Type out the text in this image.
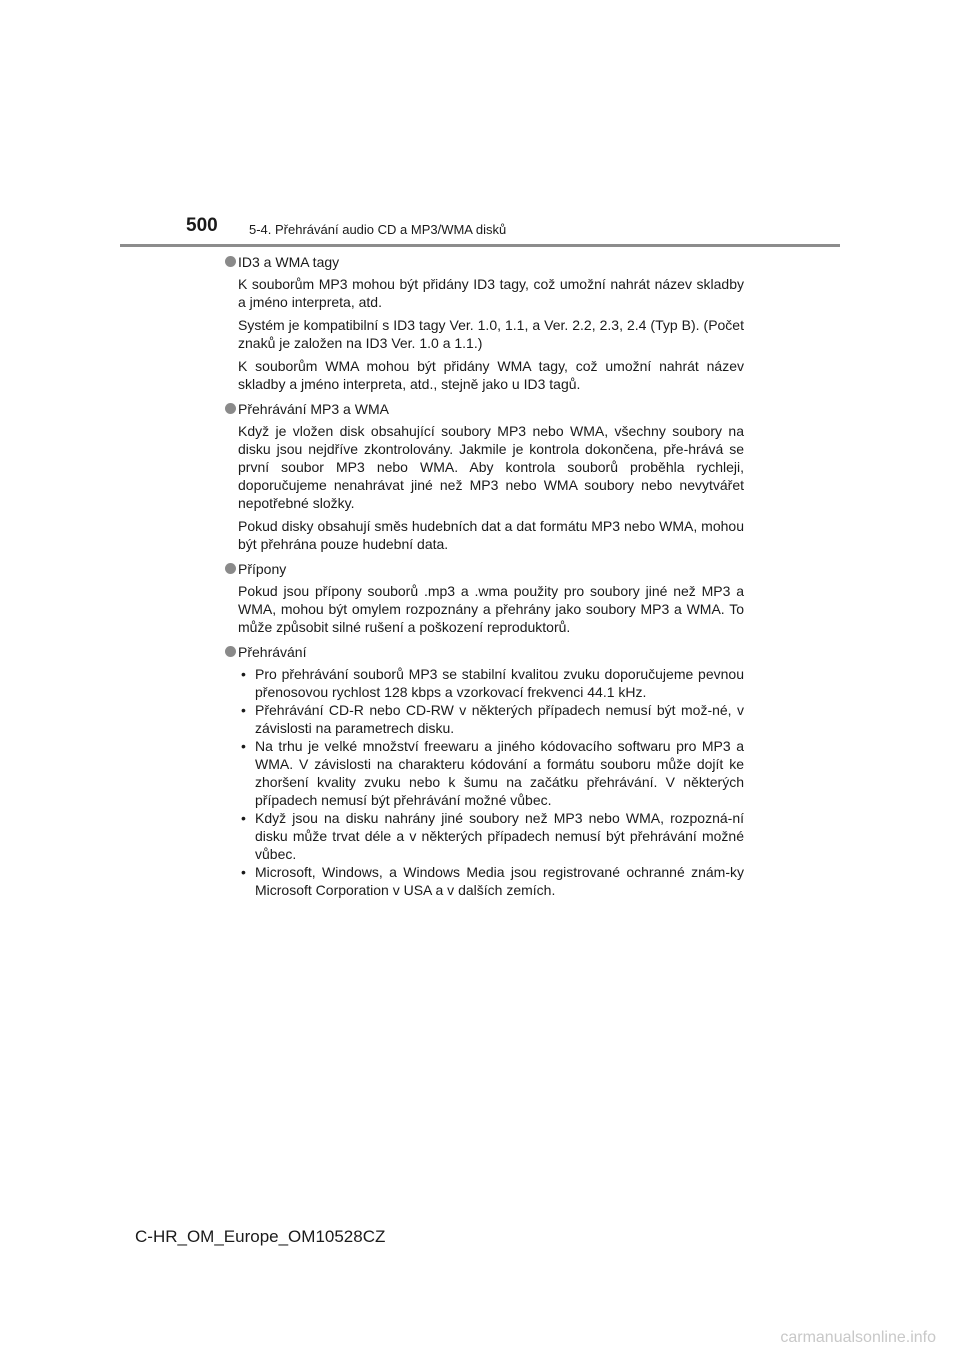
500 5-4. Přehrávání audio CD a MP3/WMA disků
ID3 a WMA tagy

K souborům MP3 mohou být přidány ID3 tagy, což umožní nahrát název skladby a jméno interpreta, atd.

Systém je kompatibilní s ID3 tagy Ver. 1.0, 1.1, a Ver. 2.2, 2.3, 2.4 (Typ B). (Počet znaků je založen na ID3 Ver. 1.0 a 1.1.)

K souborům WMA mohou být přidány WMA tagy, což umožní nahrát název skladby a jméno interpreta, atd., stejně jako u ID3 tagů.

Přehrávání MP3 a WMA

Když je vložen disk obsahující soubory MP3 nebo WMA, všechny soubory na disku jsou nejdříve zkontrolovány. Jakmile je kontrola dokončena, pře-hrává se první soubor MP3 nebo WMA. Aby kontrola souborů proběhla rychleji, doporučujeme nenahrávat jiné než MP3 nebo WMA soubory nebo nevytvářet nepotřebné složky.

Pokud disky obsahují směs hudebních dat a dat formátu MP3 nebo WMA, mohou být přehrána pouze hudební data.

Přípony

Pokud jsou přípony souborů .mp3 a .wma použity pro soubory jiné než MP3 a WMA, mohou být omylem rozpoznány a přehrány jako soubory MP3 a WMA. To může způsobit silné rušení a poškození reproduktorů.

Přehrávání
• Pro přehrávání souborů MP3 se stabilní kvalitou zvuku doporučujeme pevnou přenosovou rychlost 128 kbps a vzorkovací frekvenci 44.1 kHz.
• Přehrávání CD-R nebo CD-RW v některých případech nemusí být mož-né, v závislosti na parametrech disku.
• Na trhu je velké množství freewaru a jiného kódovacího softwaru pro MP3 a WMA. V závislosti na charakteru kódování a formátu souboru může dojít ke zhoršení kvality zvuku nebo k šumu na začátku přehrávání. V některých případech nemusí být přehrávání možné vůbec.
• Když jsou na disku nahrány jiné soubory než MP3 nebo WMA, rozpozná-ní disku může trvat déle a v některých případech nemusí být přehrávání možné vůbec.
• Microsoft, Windows, a Windows Media jsou registrované ochranné znám-ky Microsoft Corporation v USA a v dalších zemích.
C-HR_OM_Europe_OM10528CZ
carmanualsonline.info
